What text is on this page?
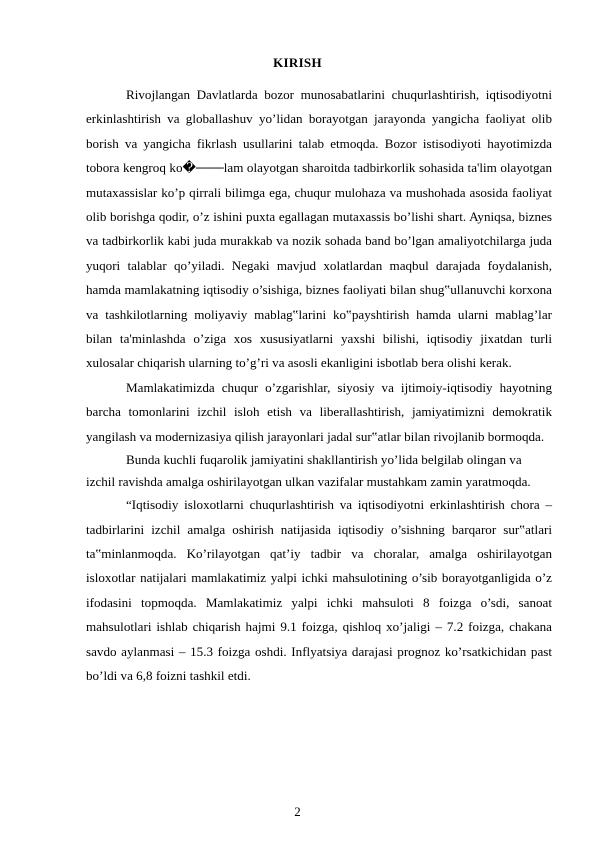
KIRISH

Rivojlangan Davlatlarda bozor munosabatlarini chuqurlashtirish, iqtisodiyotni erkinlashtirish va globallashuv yo’lidan borayotgan jarayonda yangicha faoliyat olib borish va yangicha fikrlash usullarini talab etmoqda. Bozor istisodiyoti hayotimizda tobora kengroq ko�───lam olayotgan sharoitda tadbirkorlik sohasida ta'lim olayotgan mutaxassislar ko’p qirrali bilimga ega, chuqur mulohaza va mushohada asosida faoliyat olib borishga qodir, o’z ishini puxta egallagan mutaxassis bo’lishi shart. Ayniqsa, biznes va tadbirkorlik kabi juda murakkab va nozik sohada band bo’lgan amaliyotchilarga juda yuqori talablar qo’yiladi. Negaki mavjud xolatlardan maqbul darajada foydalanish, hamda mamlakatning iqtisodiy o’sishiga, biznes faoliyati bilan shug‟ullanuvchi korxona va tashkilotlarning moliyaviy mablag‟larini ko‟payshtirish hamda ularni mablag’lar bilan ta'minlashda o’ziga xos xususiyatlarni yaxshi bilishi, iqtisodiy jixatdan turli xulosalar chiqarish ularning to’g’ri va asosli ekanligini isbotlab bera olishi kerak.

Mamlakatimizda chuqur o’zgarishlar, siyosiy va ijtimoiy-iqtisodiy hayotning barcha tomonlarini izchil isloh etish va liberallashtirish, jamiyatimizni demokratik yangilash va modernizasiya qilish jarayonlari jadal sur‟atlar bilan rivojlanib bormoqda.

Bunda kuchli fuqarolik jamiyatini shakllantirish yo’lida belgilab olingan va izchil ravishda amalga oshirilayotgan ulkan vazifalar mustahkam zamin yaratmoqda.

“Iqtisodiy isloxotlarni chuqurlashtirish va iqtisodiyotni erkinlashtirish chora – tadbirlarini izchil amalga oshirish natijasida iqtisodiy o’sishning barqaror sur‟atlari ta‟minlanmoqda. Ko’rilayotgan qat’iy tadbir va choralar, amalga oshirilayotgan isloxotlar natijalari mamlakatimiz yalpi ichki mahsulotining o’sib borayotganligida o’z ifodasini topmoqda. Mamlakatimiz yalpi ichki mahsuloti 8 foizga o’sdi, sanoat mahsulotlari ishlab chiqarish hajmi 9.1 foizga, qishloq xo’jaligi – 7.2 foizga, chakana savdo aylanmasi – 15.3 foizga oshdi. Inflyatsiya darajasi prognoz ko’rsatkichidan past bo’ldi va 6,8 foizni tashkil etdi.

2
